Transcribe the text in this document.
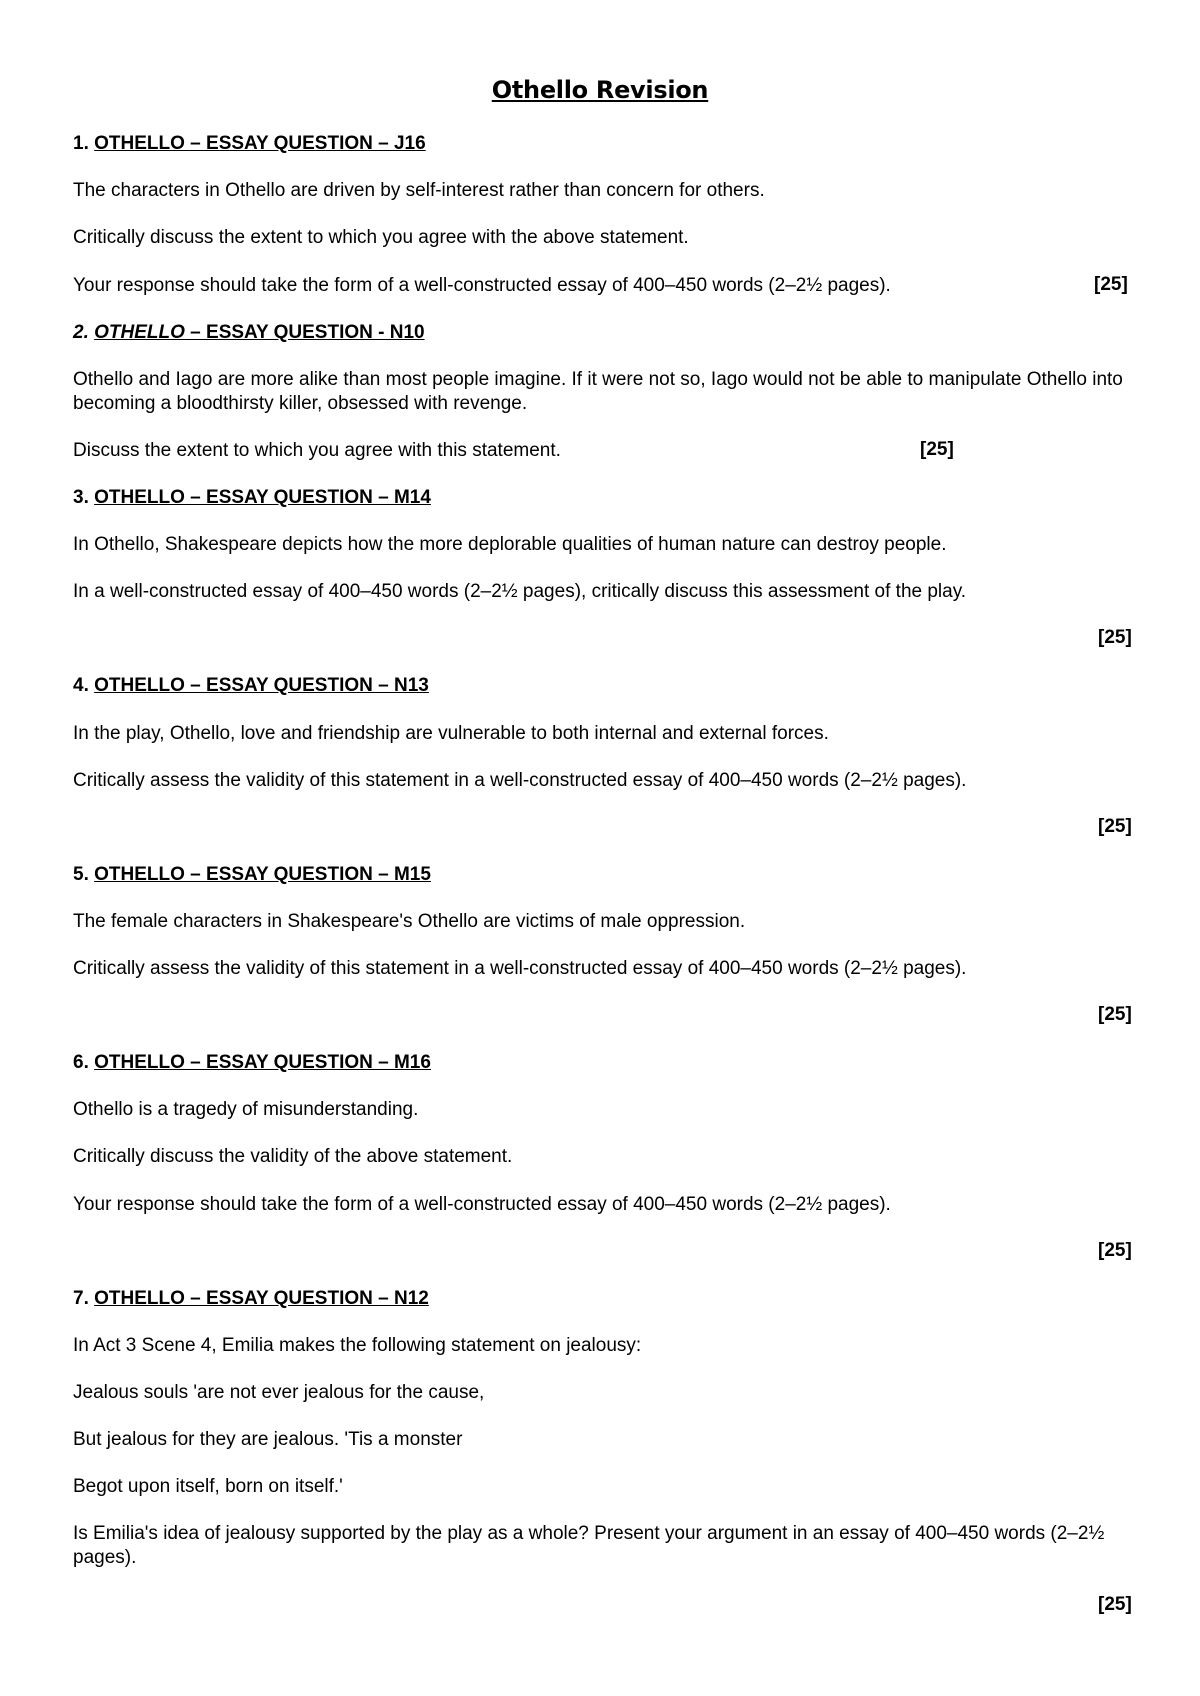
Othello Revision
1. OTHELLO – ESSAY QUESTION – J16
The characters in Othello are driven by self-interest rather than concern for others.
Critically discuss the extent to which you agree with the above statement.
Your response should take the form of a well-constructed essay of 400–450 words (2–2½ pages).	[25]
2. OTHELLO – ESSAY QUESTION - N10
Othello and Iago are more alike than most people imagine. If it were not so, Iago would not be able to manipulate Othello into becoming a bloodthirsty killer, obsessed with revenge.
Discuss the extent to which you agree with this statement.	[25]
3. OTHELLO – ESSAY QUESTION – M14
In Othello, Shakespeare depicts how the more deplorable qualities of human nature can destroy people.
In a well-constructed essay of 400–450 words (2–2½ pages), critically discuss this assessment of the play.
[25]
4. OTHELLO – ESSAY QUESTION – N13
In the play, Othello, love and friendship are vulnerable to both internal and external forces.
Critically assess the validity of this statement in a well-constructed essay of 400–450 words (2–2½ pages).
[25]
5. OTHELLO – ESSAY QUESTION – M15
The female characters in Shakespeare's Othello are victims of male oppression.
Critically assess the validity of this statement in a well-constructed essay of 400–450 words (2–2½ pages).
[25]
6. OTHELLO – ESSAY QUESTION – M16
Othello is a tragedy of misunderstanding.
Critically discuss the validity of the above statement.
Your response should take the form of a well-constructed essay of 400–450 words (2–2½ pages).
[25]
7. OTHELLO – ESSAY QUESTION – N12
In Act 3 Scene 4, Emilia makes the following statement on jealousy:
Jealous souls 'are not ever jealous for the cause,
But jealous for they are jealous. 'Tis a monster
Begot upon itself, born on itself.'
Is Emilia's idea of jealousy supported by the play as a whole? Present your argument in an essay of 400–450 words (2–2½ pages).
[25]
